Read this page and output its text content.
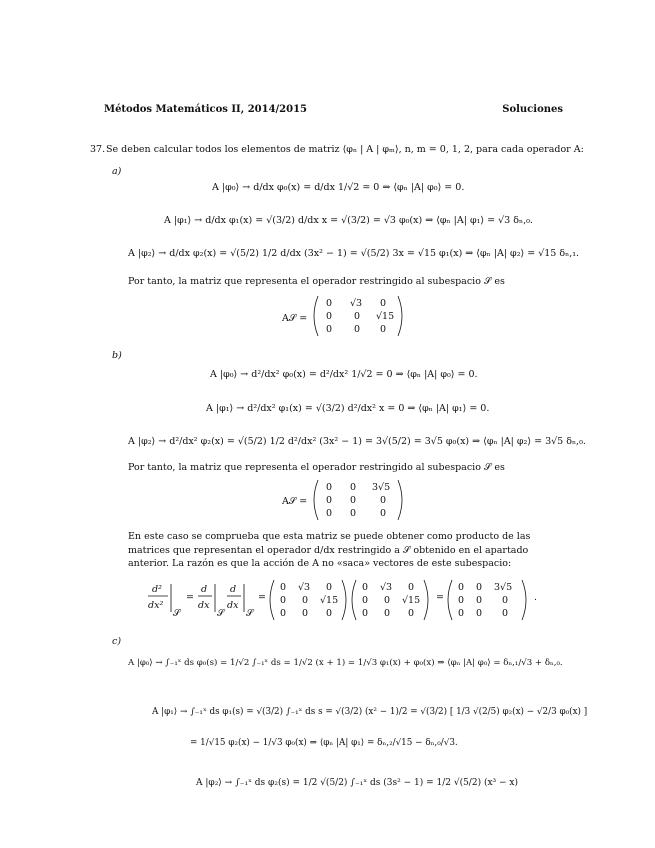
Métodos Matemáticos II, 2014/2015	Soluciones
37. Se deben calcular todos los elementos de matriz ⟨φₙ | A | φₘ⟩, n, m = 0, 1, 2, para cada operador A:
a)
A |φ₀⟩ → d/dx φ₀(x) = d/dx 1/√2 = 0 ⇒ ⟨φₙ |A| φ₀⟩ = 0.
A |φ₁⟩ → d/dx φ₁(x) = √(3/2) d/dx x = √(3/2) = √3 φ₀(x) ⇒ ⟨φₙ |A| φ₁⟩ = √3 δₙ,₀.
A |φ₂⟩ → d/dx φ₂(x) = √(5/2) 1/2 d/dx (3x² − 1) = √(5/2) 3x = √15 φ₁(x) ⇒ ⟨φₙ |A| φ₂⟩ = √15 δₙ,₁.
Por tanto, la matriz que representa el operador restringido al subespacio 𝒮 es
A𝒮 =
0 √3 0
0 0 √15
0 0 0
b)
A |φ₀⟩ → d²/dx² φ₀(x) = d²/dx² 1/√2 = 0 ⇒ ⟨φₙ |A| φ₀⟩ = 0.
A |φ₁⟩ → d²/dx² φ₁(x) = √(3/2) d²/dx² x = 0 ⇒ ⟨φₙ |A| φ₁⟩ = 0.
A |φ₂⟩ → d²/dx² φ₂(x) = √(5/2) 1/2 d²/dx² (3x² − 1) = 3√(5/2) = 3√5 φ₀(x) ⇒ ⟨φₙ |A| φ₂⟩ = 3√5 δₙ,₀.
Por tanto, la matriz que representa el operador restringido al subespacio 𝒮 es
A𝒮 =
0 0 3√5
0 0	0
0 0	0
En este caso se comprueba que esta matriz se puede obtener como producto de las matrices que representan el operador d/dx restringido a 𝒮 obtenido en el apartado anterior. La razón es que la acción de A no «saca» vectores de este subespacio:
d²
dx²
𝒮
=
d
dx
𝒮
d
dx
𝒮
=
0 √3 0
0 0 √15
0 0 0
0 √3 0
0 0 √15
0 0 0
=
0 0 3√5
0 0 0
0 0 0
.
c)
A |φ₀⟩ → ∫₋₁ˣ ds φ₀(s) = 1/√2 ∫₋₁ˣ ds = 1/√2 (x + 1) = 1/√3 φ₁(x) + φ₀(x) ⇒ ⟨φₙ |A| φ₀⟩ = δₙ,₁/√3 + δₙ,₀.
A |φ₁⟩ → ∫₋₁ˣ ds φ₁(s) = √(3/2) ∫₋₁ˣ ds s = √(3/2) (x² − 1)/2 = √(3/2) [ 1/3 √(2/5) φ₂(x) − √2/3 φ₀(x) ]
= 1/√15 φ₂(x) − 1/√3 φ₀(x) ⇒ ⟨φₙ |A| φ₁⟩ = δₙ,₂/√15 − δₙ,₀/√3.
A |φ₂⟩ → ∫₋₁ˣ ds φ₂(s) = 1/2 √(5/2) ∫₋₁ˣ ds (3s² − 1) = 1/2 √(5/2) (x³ − x)
